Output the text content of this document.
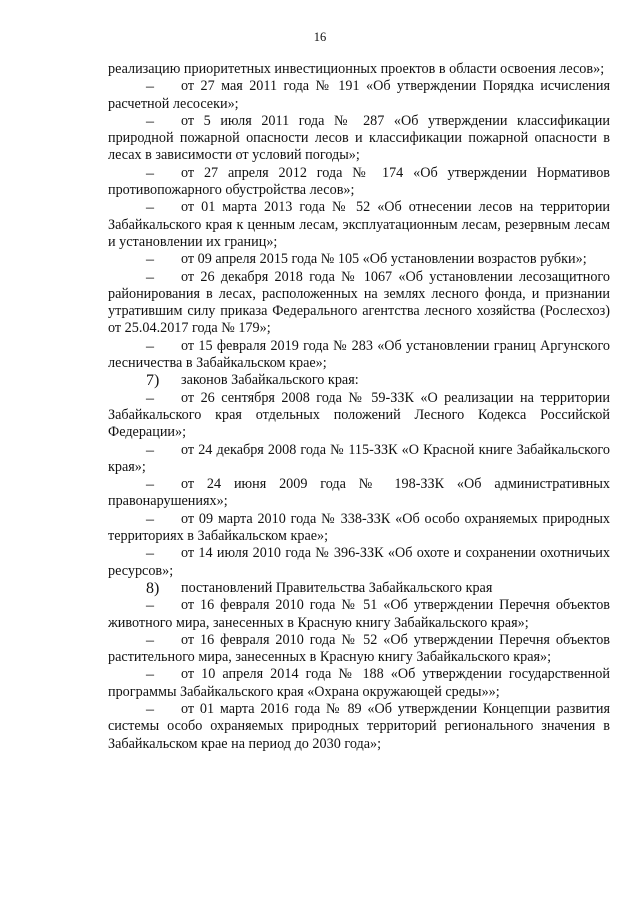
16

реализацию приоритетных инвестиционных проектов в области освоения лесов»;

–	от 27 мая 2011 года № 191 «Об утверждении Порядка исчисления расчетной лесосеки»;

–	от 5 июля 2011 года № 287 «Об утверждении классификации природной пожарной опасности лесов и классификации пожарной опасности в лесах в зависимости от условий погоды»;

–	от 27 апреля 2012 года № 174 «Об утверждении Нормативов противопожарного обустройства лесов»;

–	от 01 марта 2013 года № 52 «Об отнесении лесов на территории Забайкальского края к ценным лесам, эксплуатационным лесам, резервным лесам и установлении их границ»;

–	от 09 апреля 2015 года № 105 «Об установлении возрастов рубки»;

–	от 26 декабря 2018 года № 1067 «Об установлении лесозащитного районирования в лесах, расположенных на землях лесного фонда, и признании утратившим силу приказа Федерального агентства лесного хозяйства (Рослесхоз) от 25.04.2017 года № 179»;

–	от 15 февраля 2019 года № 283 «Об установлении границ Аргунского лесничества в Забайкальском крае»;

7)	законов Забайкальского края:

–	от 26 сентября 2008 года № 59-ЗЗК «О реализации на территории Забайкальского края отдельных положений Лесного Кодекса Российской Федерации»;

–	от 24 декабря 2008 года № 115-ЗЗК «О Красной книге Забайкальского края»;

–	от 24 июня 2009 года № 198-ЗЗК «Об административных правонарушениях»;

–	от 09 марта 2010 года № 338-ЗЗК «Об особо охраняемых природных территориях в Забайкальском крае»;

–	от 14 июля 2010 года № 396-ЗЗК «Об охоте и сохранении охотничьих ресурсов»;

8)	постановлений Правительства Забайкальского края

–	от 16 февраля 2010 года № 51 «Об утверждении Перечня объектов животного мира, занесенных в Красную книгу Забайкальского края»;

–	от 16 февраля 2010 года № 52 «Об утверждении Перечня объектов растительного мира, занесенных в Красную книгу Забайкальского края»;

–	от 10 апреля 2014 года № 188 «Об утверждении государственной программы Забайкальского края «Охрана окружающей среды»»;

–	от 01 марта 2016 года № 89 «Об утверждении Концепции развития системы особо охраняемых природных территорий регионального значения в Забайкальском крае на период до 2030 года»;
